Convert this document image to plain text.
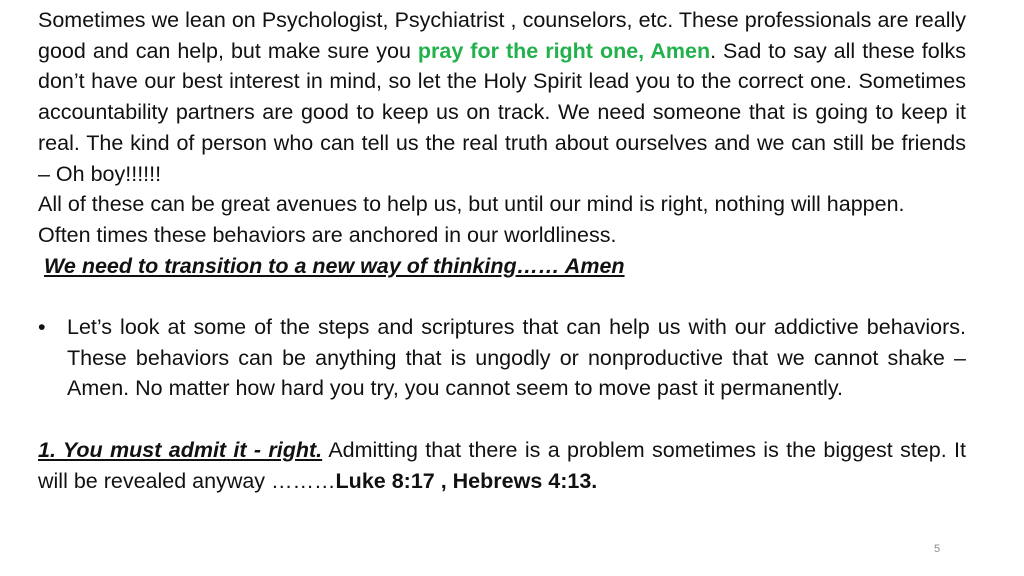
Sometimes we lean on Psychologist, Psychiatrist , counselors, etc. These professionals are really good and can help, but make sure you pray for the right one, Amen. Sad to say all these folks don’t have our best interest in mind, so let the Holy Spirit lead you to the correct one. Sometimes accountability partners are good to keep us on track. We need someone that is going to keep it real. The kind of person who can tell us the real truth about ourselves and we can still be friends – Oh boy!!!!!!

All of these can be great avenues to help us, but until our mind is right, nothing will happen.

Often times these behaviors are anchored in our worldliness.

We need to transition to a new way of thinking…… Amen

• Let’s look at some of the steps and scriptures that can help us with our addictive behaviors. These behaviors can be anything that is ungodly or nonproductive that we cannot shake – Amen. No matter how hard you try, you cannot seem to move past it permanently.

1. You must admit it - right. Admitting that there is a problem sometimes is the biggest step. It will be revealed anyway ………Luke 8:17 , Hebrews 4:13.

5
